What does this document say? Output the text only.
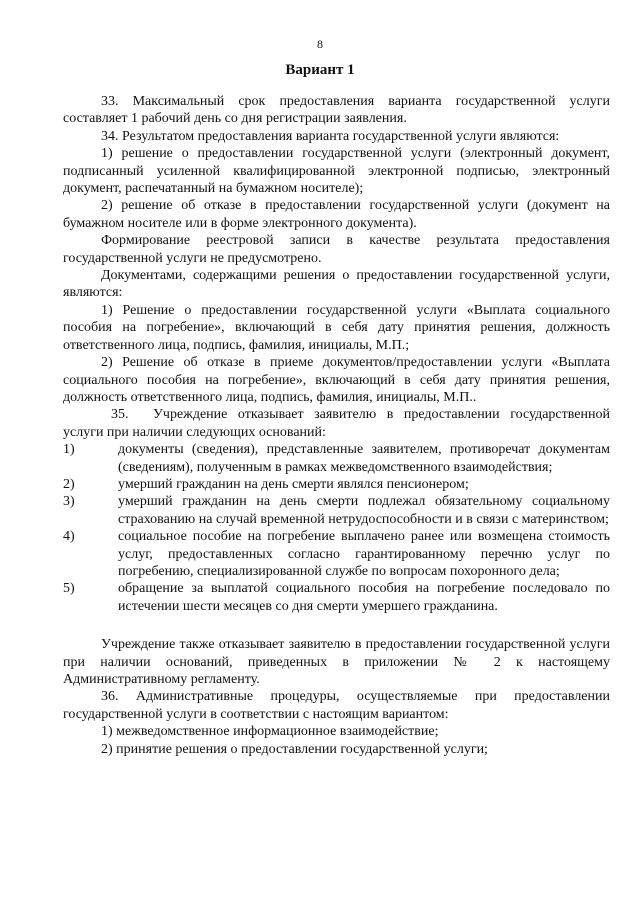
8
Вариант 1

33. Максимальный срок предоставления варианта государственной услуги составляет 1 рабочий день со дня регистрации заявления.

34. Результатом предоставления варианта государственной услуги являются:

1) решение о предоставлении государственной услуги (электронный документ, подписанный усиленной квалифицированной электронной подписью, электронный документ, распечатанный на бумажном носителе);

2) решение об отказе в предоставлении государственной услуги (документ на бумажном носителе или в форме электронного документа).

Формирование реестровой записи в качестве результата предоставления государственной услуги не предусмотрено.

Документами, содержащими решения о предоставлении государственной услуги, являются:

1) Решение о предоставлении государственной услуги «Выплата социального пособия на погребение», включающий в себя дату принятия решения, должность ответственного лица, подпись, фамилия, инициалы, М.П.;

2) Решение об отказе в приеме документов/предоставлении услуги «Выплата социального пособия на погребение», включающий в себя дату принятия решения, должность ответственного лица, подпись, фамилия, инициалы, М.П..

35. Учреждение отказывает заявителю в предоставлении государственной услуги при наличии следующих оснований:

1)	документы (сведения), представленные заявителем, противоречат документам (сведениям), полученным в рамках межведомственного взаимодействия;
2)	умерший гражданин на день смерти являлся пенсионером;
3)	умерший гражданин на день смерти подлежал обязательному социальному страхованию на случай временной нетрудоспособности и в связи с материнством;
4)	социальное пособие на погребение выплачено ранее или возмещена стоимость услуг, предоставленных согласно гарантированному перечню услуг по погребению, специализированной службе по вопросам похоронного дела;
5)	обращение за выплатой социального пособия на погребение последовало по истечении шести месяцев со дня смерти умершего гражданина.

Учреждение также отказывает заявителю в предоставлении государственной услуги при наличии оснований, приведенных в приложении № 2 к настоящему Административному регламенту.

36. Административные процедуры, осуществляемые при предоставлении государственной услуги в соответствии с настоящим вариантом:

1) межведомственное информационное взаимодействие;

2) принятие решения о предоставлении государственной услуги;
